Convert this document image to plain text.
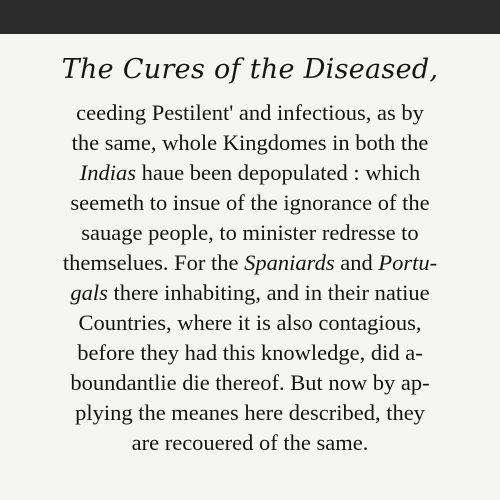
The Cures of the Diseased,
ceeding Pestilent' and infectious, as by
the same, whole Kingdomes in both the
Indias haue been depopulated : which
seemeth to insue of the ignorance of the
sauage people, to minister redresse to
themselues. For the Spaniards and Portu-
gals there inhabiting, and in their natiue
Countries, where it is also contagious,
before they had this knowledge, did a-
boundantlie die thereof. But now by ap-
plying the meanes here described, they
are recouered of the same.
